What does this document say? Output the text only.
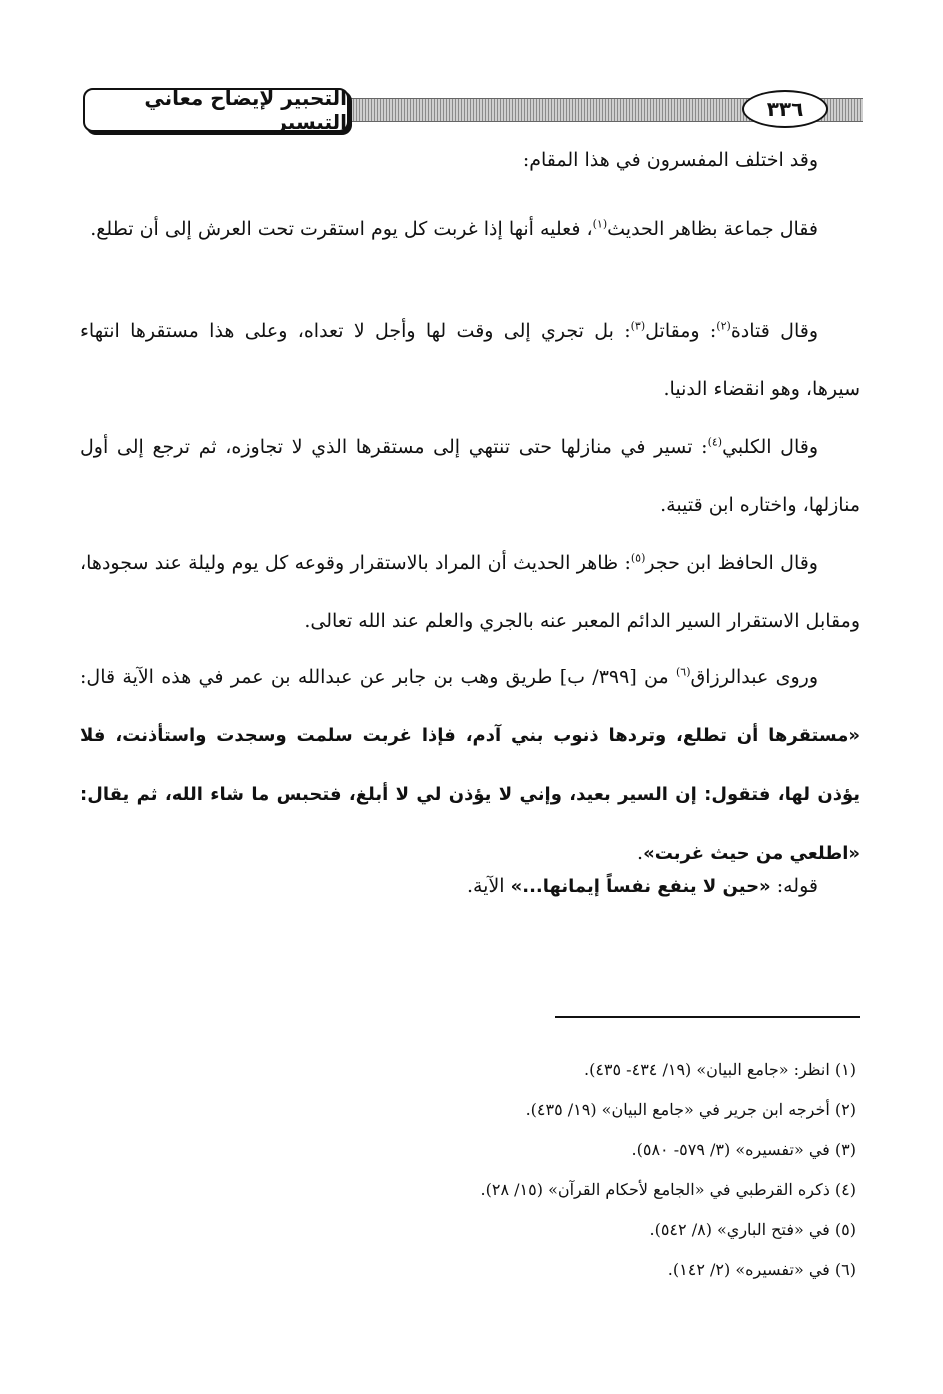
التحبير لإيضاح معاني التيسير
٣٣٦

وقد اختلف المفسرون في هذا المقام:

فقال جماعة بظاهر الحديث$^{(١)}$، فعليه أنها إذا غربت كل يوم استقرت تحت العرش إلى أن تطلع.

وقال قتادة$^{(٢)}$: ومقاتل$^{(٣)}$: بل تجري إلى وقت لها وأجل لا تعداه، وعلى هذا مستقرها انتهاء سيرها، وهو انقضاء الدنيا.

وقال الكلبي$^{(٤)}$: تسير في منازلها حتى تنتهي إلى مستقرها الذي لا تجاوزه، ثم ترجع إلى أول منازلها، واختاره ابن قتيبة.

وقال الحافظ ابن حجر$^{(٥)}$: ظاهر الحديث أن المراد بالاستقرار وقوعه كل يوم وليلة عند سجودها، ومقابل الاستقرار السير الدائم المعبر عنه بالجري والعلم عند الله تعالى.

وروى عبدالرزاق$^{(٦)}$ من [٣٩٩/ ب] طريق وهب بن جابر عن عبدالله بن عمر في هذه الآية قال: «مستقرها أن تطلع، وتردها ذنوب بني آدم، فإذا غربت سلمت وسجدت واستأذنت، فلا يؤذن لها، فتقول: إن السير بعيد، وإني لا يؤذن لي لا أبلغ، فتحبس ما شاء الله، ثم يقال: «اطلعي من حيث غربت».

قوله: «حين لا ينفع نفساً إيمانها...» الآية.

(١) انظر: «جامع البيان» (١٩/ ٤٣٤- ٤٣٥).
(٢) أخرجه ابن جرير في «جامع البيان» (١٩/ ٤٣٥).
(٣) في «تفسيره» (٣/ ٥٧٩- ٥٨٠).
(٤) ذكره القرطبي في «الجامع لأحكام القرآن» (١٥/ ٢٨).
(٥) في «فتح الباري» (٨/ ٥٤٢).
(٦) في «تفسيره» (٢/ ١٤٢).
